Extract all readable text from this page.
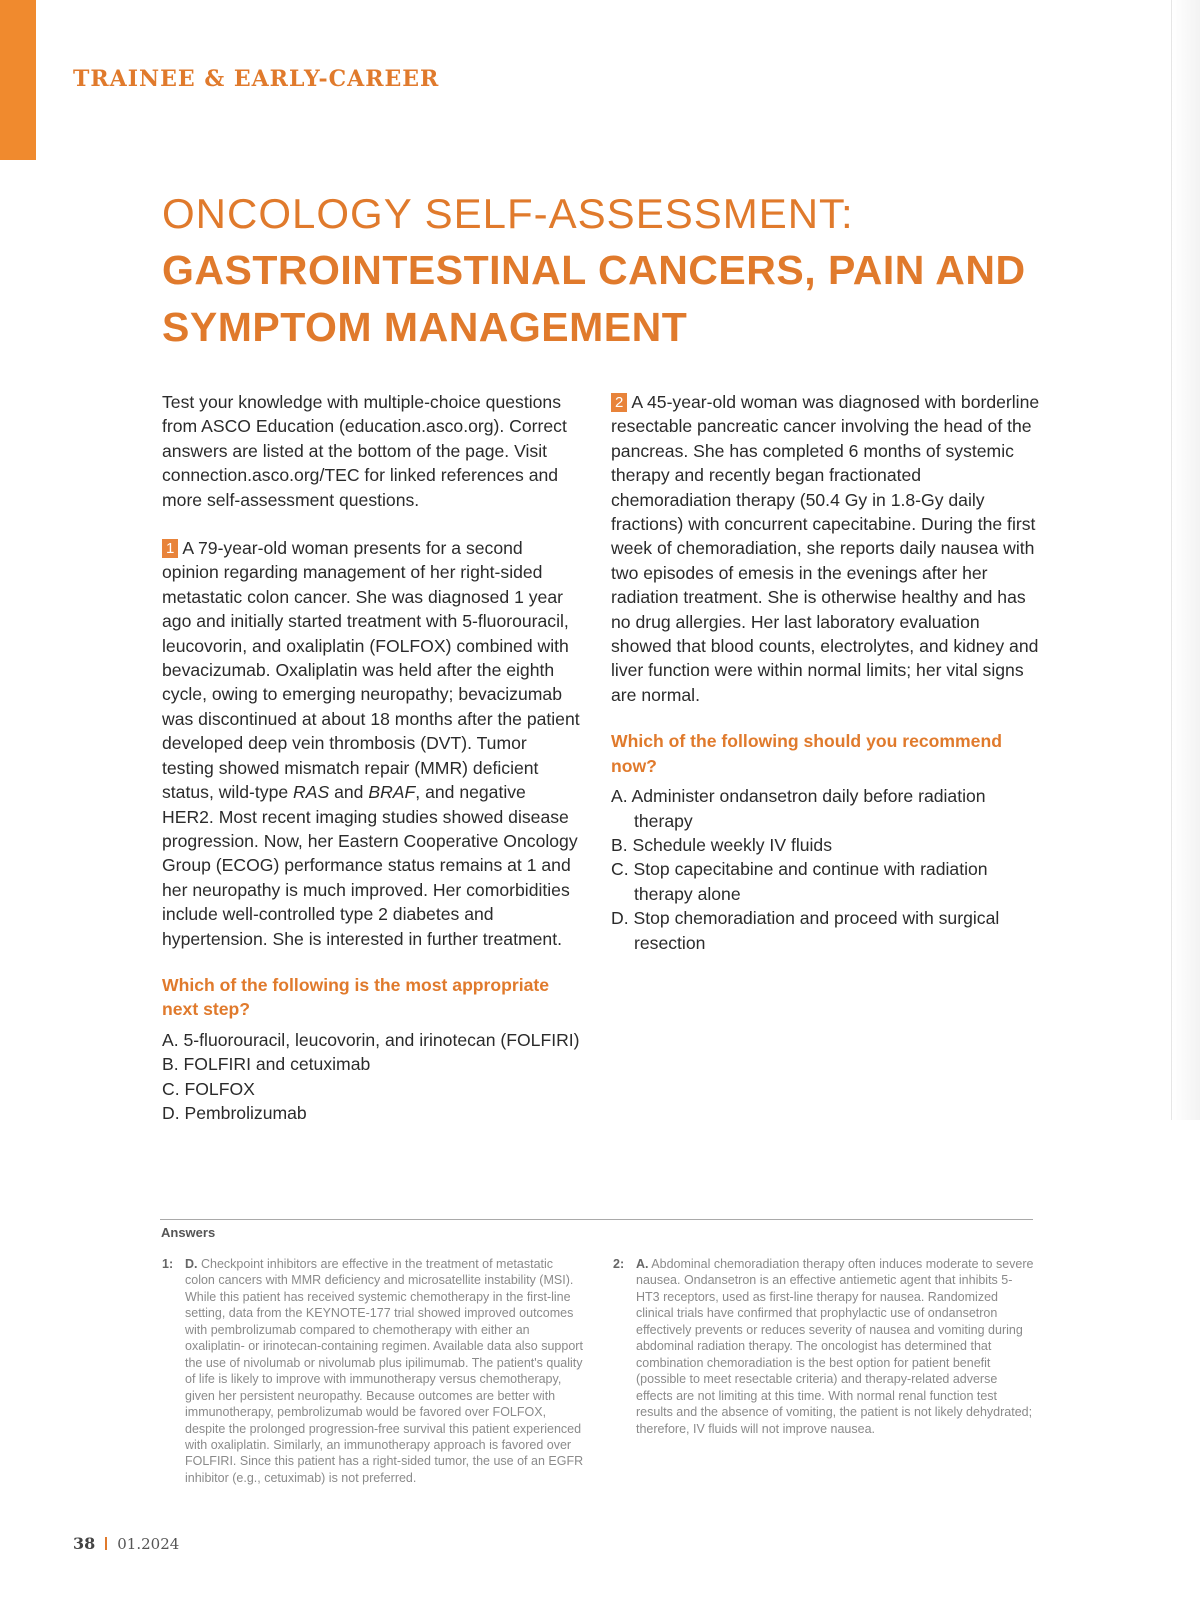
TRAINEE & EARLY-CAREER
ONCOLOGY SELF-ASSESSMENT:
GASTROINTESTINAL CANCERS, PAIN AND
SYMPTOM MANAGEMENT

Test your knowledge with multiple-choice questions from ASCO Education (education.asco.org). Correct answers are listed at the bottom of the page. Visit connection.asco.org/TEC for linked references and more self-assessment questions.

1 A 79-year-old woman presents for a second opinion regarding management of her right-sided metastatic colon cancer. She was diagnosed 1 year ago and initially started treatment with 5-fluorouracil, leucovorin, and oxaliplatin (FOLFOX) combined with bevacizumab. Oxaliplatin was held after the eighth cycle, owing to emerging neuropathy; bevacizumab was discontinued at about 18 months after the patient developed deep vein thrombosis (DVT). Tumor testing showed mismatch repair (MMR) deficient status, wild-type RAS and BRAF, and negative HER2. Most recent imaging studies showed disease progression. Now, her Eastern Cooperative Oncology Group (ECOG) performance status remains at 1 and her neuropathy is much improved. Her comorbidities include well-controlled type 2 diabetes and hypertension. She is interested in further treatment.

Which of the following is the most appropriate next step?

A. 5-fluorouracil, leucovorin, and irinotecan (FOLFIRI)

B. FOLFIRI and cetuximab

C. FOLFOX

D. Pembrolizumab

2 A 45-year-old woman was diagnosed with borderline resectable pancreatic cancer involving the head of the pancreas. She has completed 6 months of systemic therapy and recently began fractionated chemoradiation therapy (50.4 Gy in 1.8-Gy daily fractions) with concurrent capecitabine. During the first week of chemoradiation, she reports daily nausea with two episodes of emesis in the evenings after her radiation treatment. She is otherwise healthy and has no drug allergies. Her last laboratory evaluation showed that blood counts, electrolytes, and kidney and liver function were within normal limits; her vital signs are normal.

Which of the following should you recommend now?

A. Administer ondansetron daily before radiation therapy

B. Schedule weekly IV fluids

C. Stop capecitabine and continue with radiation therapy alone

D. Stop chemoradiation and proceed with surgical resection

Answers
1: D. Checkpoint inhibitors are effective in the treatment of metastatic colon cancers with MMR deficiency and microsatellite instability (MSI). While this patient has received systemic chemotherapy in the first-line setting, data from the KEYNOTE-177 trial showed improved outcomes with pembrolizumab compared to chemotherapy with either an oxaliplatin- or irinotecan-containing regimen. Available data also support the use of nivolumab or nivolumab plus ipilimumab. The patient's quality of life is likely to improve with immunotherapy versus chemotherapy, given her persistent neuropathy. Because outcomes are better with immunotherapy, pembrolizumab would be favored over FOLFOX, despite the prolonged progression-free survival this patient experienced with oxaliplatin. Similarly, an immunotherapy approach is favored over FOLFIRI. Since this patient has a right-sided tumor, the use of an EGFR inhibitor (e.g., cetuximab) is not preferred.
2: A. Abdominal chemoradiation therapy often induces moderate to severe nausea. Ondansetron is an effective antiemetic agent that inhibits 5-HT3 receptors, used as first-line therapy for nausea. Randomized clinical trials have confirmed that prophylactic use of ondansetron effectively prevents or reduces severity of nausea and vomiting during abdominal radiation therapy. The oncologist has determined that combination chemoradiation is the best option for patient benefit (possible to meet resectable criteria) and therapy-related adverse effects are not limiting at this time. With normal renal function test results and the absence of vomiting, the patient is not likely dehydrated; therefore, IV fluids will not improve nausea.
38 01.2024
